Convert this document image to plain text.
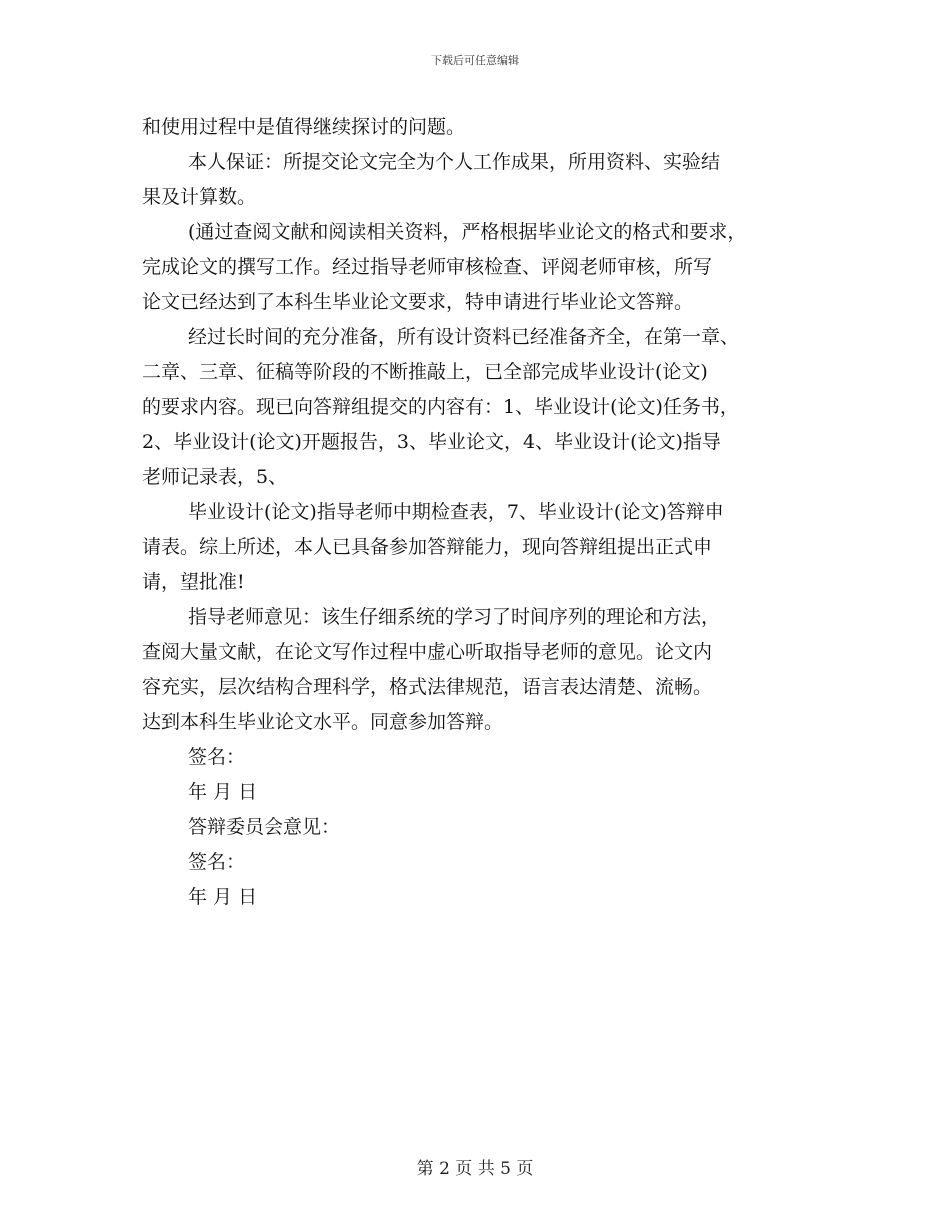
下载后可任意编辑
和使用过程中是值得继续探讨的问题。
本人保证：所提交论文完全为个人工作成果，所用资料、实验结
果及计算数。
(通过查阅文献和阅读相关资料，严格根据毕业论文的格式和要求，
完成论文的撰写工作。经过指导老师审核检查、评阅老师审核，所写
论文已经达到了本科生毕业论文要求，特申请进行毕业论文答辩。
经过长时间的充分准备，所有设计资料已经准备齐全，在第一章、
二章、三章、征稿等阶段的不断推敲上，已全部完成毕业设计(论文)
的要求内容。现已向答辩组提交的内容有：1、毕业设计(论文)任务书，
2、毕业设计(论文)开题报告，3、毕业论文，4、毕业设计(论文)指导
老师记录表，5、
毕业设计(论文)指导老师中期检查表，7、毕业设计(论文)答辩申
请表。综上所述，本人已具备参加答辩能力，现向答辩组提出正式申
请，望批准!
指导老师意见：该生仔细系统的学习了时间序列的理论和方法，
查阅大量文献，在论文写作过程中虚心听取指导老师的意见。论文内
容充实，层次结构合理科学，格式法律规范，语言表达清楚、流畅。
达到本科生毕业论文水平。同意参加答辩。
签名：
年 月 日
答辩委员会意见：
签名：
年 月 日
第 2 页 共 5 页
